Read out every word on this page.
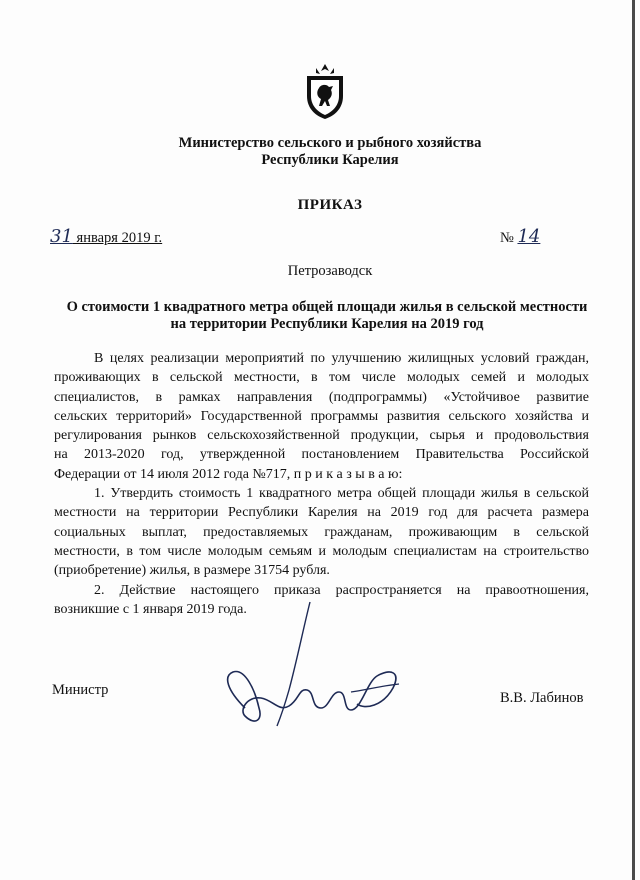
Министерство сельского и рыбного хозяйства
Республики Карелия
ПРИКАЗ
31 января 2019 г.	№ 14
Петрозаводск
О стоимости 1 квадратного метра общей площади жилья в сельской местности
на территории Республики Карелия на 2019 год
В целях реализации мероприятий по улучшению жилищных условий граждан,
проживающих в сельской местности, в том числе молодых семей и молодых
специалистов, в рамках направления (подпрограммы) «Устойчивое развитие
сельских территорий» Государственной программы развития сельского хозяйства и
регулирования рынков сельскохозяйственной продукции, сырья и продовольствия
на 2013-2020 год, утвержденной постановлением Правительства Российской
Федерации от 14 июля 2012 года №717, п р и к а з ы в а ю:
1. Утвердить стоимость 1 квадратного метра общей площади жилья в сельской
местности на территории Республики Карелия на 2019 год для расчета размера
социальных выплат, предоставляемых гражданам, проживающим в сельской
местности, в том числе молодым семьям и молодым специалистам на строительство
(приобретение) жилья, в размере 31754 рубля.
2. Действие настоящего приказа распространяется на правоотношения,
возникшие с 1 января 2019 года.
Министр	В.В. Лабинов
